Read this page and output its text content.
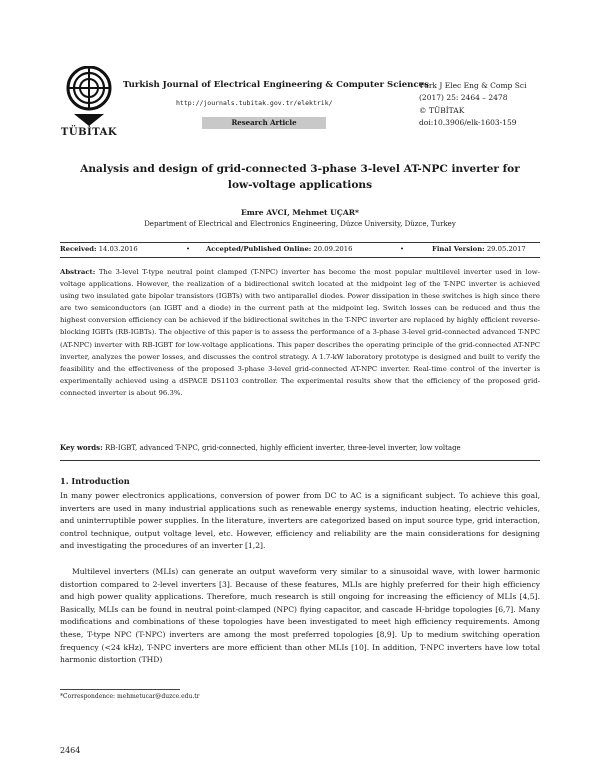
TÜBİTAK
Turkish Journal of Electrical Engineering & Computer Sciences
http://journals.tubitak.gov.tr/elektrik/
Research Article
Turk J Elec Eng & Comp Sci
(2017) 25: 2464 – 2478
© TÜBİTAK
doi:10.3906/elk-1603-159
Analysis and design of grid-connected 3-phase 3-level AT-NPC inverter for
low-voltage applications
Emre AVCI, Mehmet UÇAR*
Department of Electrical and Electronics Engineering, Düzce University, Düzce, Turkey
Received: 14.03.2016	• Accepted/Published Online: 20.09.2016	•	Final Version: 29.05.2017

Abstract: The 3-level T-type neutral point clamped (T-NPC) inverter has become the most popular multilevel inverter used in low-voltage applications. However, the realization of a bidirectional switch located at the midpoint leg of the T-NPC inverter is achieved using two insulated gate bipolar transistors (IGBTs) with two antiparallel diodes. Power dissipation in these switches is high since there are two semiconductors (an IGBT and a diode) in the current path at the midpoint leg. Switch losses can be reduced and thus the highest conversion efficiency can be achieved if the bidirectional switches in the T-NPC inverter are replaced by highly efficient reverse-blocking IGBTs (RB-IGBTs). The objective of this paper is to assess the performance of a 3-phase 3-level grid-connected advanced T-NPC (AT-NPC) inverter with RB-IGBT for low-voltage applications. This paper describes the operating principle of the grid-connected AT-NPC inverter, analyzes the power losses, and discusses the control strategy. A 1.7-kW laboratory prototype is designed and built to verify the feasibility and the effectiveness of the proposed 3-phase 3-level grid-connected AT-NPC inverter. Real-time control of the inverter is experimentally achieved using a dSPACE DS1103 controller. The experimental results show that the efficiency of the proposed grid-connected inverter is about 96.3%.

Key words: RB-IGBT, advanced T-NPC, grid-connected, highly efficient inverter, three-level inverter, low voltage
1. Introduction

In many power electronics applications, conversion of power from DC to AC is a significant subject. To achieve this goal, inverters are used in many industrial applications such as renewable energy systems, induction heating, electric vehicles, and uninterruptible power supplies. In the literature, inverters are categorized based on input source type, grid interaction, control technique, output voltage level, etc. However, efficiency and reliability are the main considerations for designing and investigating the procedures of an inverter [1,2].

Multilevel inverters (MLIs) can generate an output waveform very similar to a sinusoidal wave, with lower harmonic distortion compared to 2-level inverters [3]. Because of these features, MLIs are highly preferred for their high efficiency and high power quality applications. Therefore, much research is still ongoing for increasing the efficiency of MLIs [4,5]. Basically, MLIs can be found in neutral point-clamped (NPC) flying capacitor, and cascade H-bridge topologies [6,7]. Many modifications and combinations of these topologies have been investigated to meet high efficiency requirements. Among these, T-type NPC (T-NPC) inverters are among the most preferred topologies [8,9]. Up to medium switching operation frequency (<24 kHz), T-NPC inverters are more efficient than other MLIs [10]. In addition, T-NPC inverters have low total harmonic distortion (THD)

*Correspondence: mehmetucar@duzce.edu.tr
2464
